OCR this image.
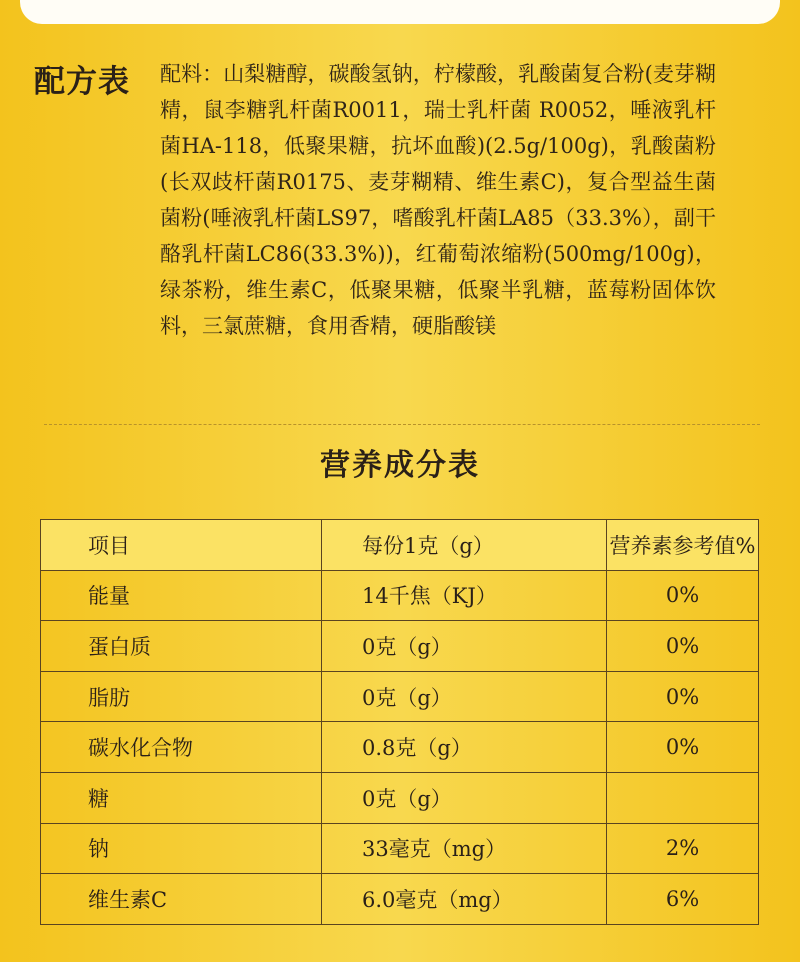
配方表 配料：山梨糖醇，碳酸氢钠，柠檬酸，乳酸菌复合粉(麦芽糊精，鼠李糖乳杆菌R0011，瑞士乳杆菌 R0052，唾液乳杆菌HA-118，低聚果糖，抗坏血酸)(2.5g/100g)，乳酸菌粉(长双歧杆菌R0175、麦芽糊精、维生素C)，复合型益生菌菌粉(唾液乳杆菌LS97，嗜酸乳杆菌LA85（33.3%），副干酪乳杆菌LC86(33.3%))，红葡萄浓缩粉(500mg/100g)，绿茶粉，维生素C，低聚果糖，低聚半乳糖，蓝莓粉固体饮料，三氯蔗糖，食用香精，硬脂酸镁

营养成分表
项目	每份1克（g）	营养素参考值%
能量	14千焦（KJ）	0%
蛋白质	0克（g）	0%
脂肪	0克（g）	0%
碳水化合物	0.8克（g）	0%
糖	0克（g）	
钠	33毫克（mg）	2%
维生素C	6.0毫克（mg）	6%
